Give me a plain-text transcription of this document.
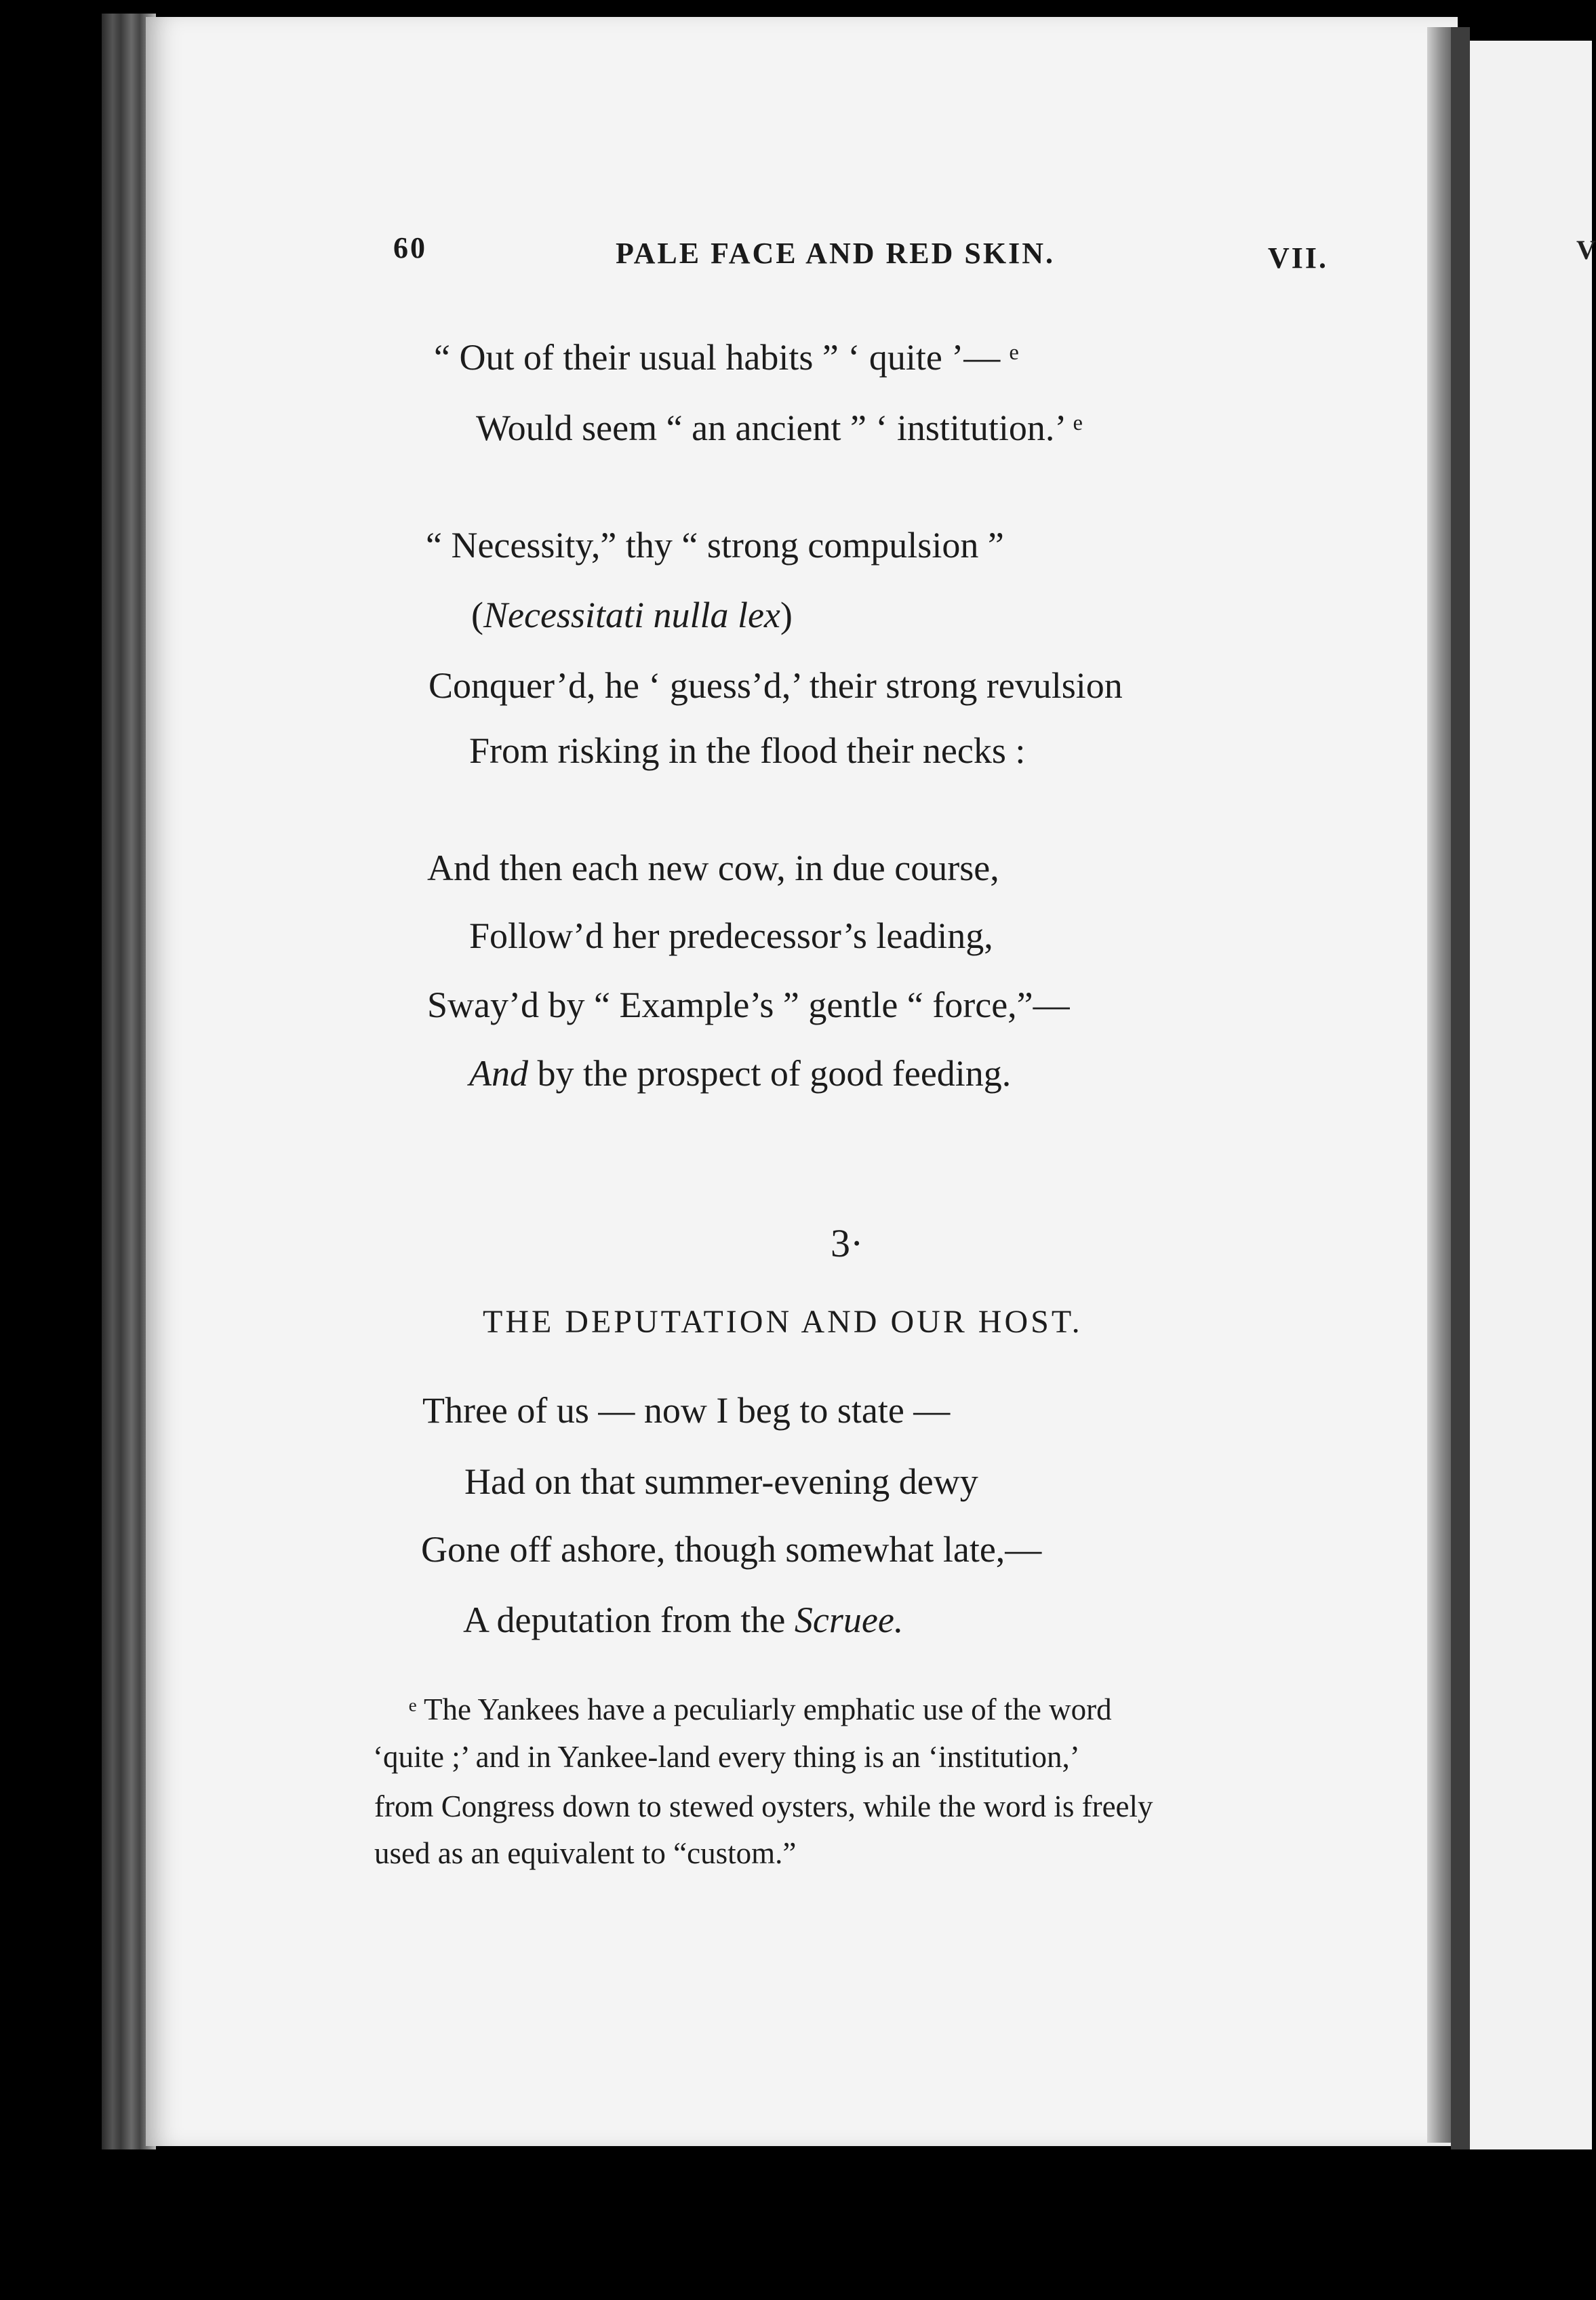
V
60	PALE FACE AND RED SKIN.	VII.
“ Out of their usual habits ” ‘ quite ’— ᵉ
Would seem “ an ancient ” ‘ institution.’ ᵉ
“ Necessity,” thy “ strong compulsion ”
(Necessitati nulla lex)
Conquer’d, he ‘ guess’d,’ their strong revulsion
From risking in the flood their necks :
And then each new cow, in due course,
Follow’d her predecessor’s leading,
Sway’d by “ Example’s ” gentle “ force,”—
And by the prospect of good feeding.
3·
THE DEPUTATION AND OUR HOST.
Three of us — now I beg to state —
Had on that summer-evening dewy
Gone off ashore, though somewhat late,—
A deputation from the Scruee.
ᵉ The Yankees have a peculiarly emphatic use of the word
‘quite ;’ and in Yankee-land every thing is an ‘institution,’
from Congress down to stewed oysters, while the word is freely
used as an equivalent to “custom.”
